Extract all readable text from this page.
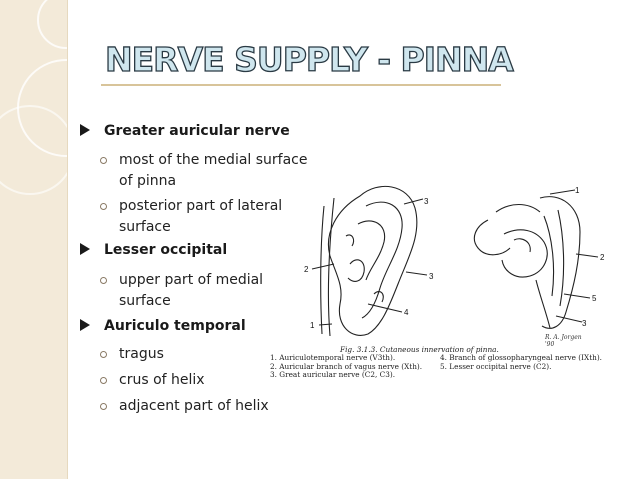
NERVE SUPPLY - PINNA
Greater auricular nerve
most of the medial surface of pinna
posterior part of lateral surface
Lesser occipital
upper part of medial surface
Auriculo temporal
tragus
crus of helix
adjacent part of helix
3
2
3
4
1
1
2
5
3
R. A. Jorgen
'90
Fig. 3.1.3. Cutaneous innervation of pinna.
1. Auriculotemporal nerve (V3th).	4. Branch of glossopharyngeal nerve (IXth).
2. Auricular branch of vagus nerve (Xth).	5. Lesser occipital nerve (C2).
3. Great auricular nerve (C2, C3).
